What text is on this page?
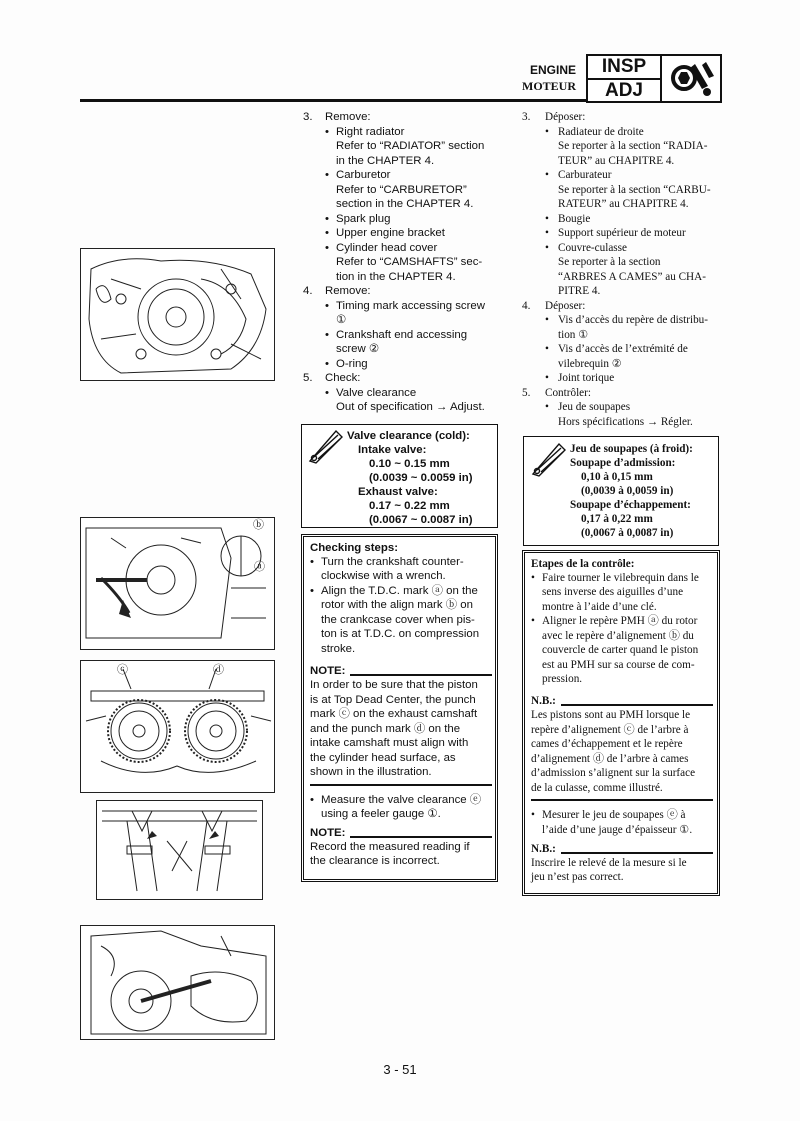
ENGINE
MOTEUR
INSP
ADJ
ⓑ
ⓐ
ⓒ	ⓓ
3. Remove:
• Right radiator
Refer to “RADIATOR” section
in the CHAPTER 4.
• Carburetor
Refer to “CARBURETOR”
section in the CHAPTER 4.
• Spark plug
• Upper engine bracket
• Cylinder head cover
Refer to “CAMSHAFTS” sec-
tion in the CHAPTER 4.
4. Remove:
• Timing mark accessing screw
①
• Crankshaft end accessing
screw ②
• O-ring
5. Check:
• Valve clearance
Out of specification → Adjust.
Valve clearance (cold):
Intake valve:
0.10 ~ 0.15 mm
(0.0039 ~ 0.0059 in)
Exhaust valve:
0.17 ~ 0.22 mm
(0.0067 ~ 0.0087 in)
Checking steps:
• Turn the crankshaft counter-
clockwise with a wrench.
• Align the T.D.C. mark ⓐ on the
rotor with the align mark ⓑ on
the crankcase cover when pis-
ton is at T.D.C. on compression
stroke.
NOTE:
In order to be sure that the piston
is at Top Dead Center, the punch
mark ⓒ on the exhaust camshaft
and the punch mark ⓓ on the
intake camshaft must align with
the cylinder head surface, as
shown in the illustration.
• Measure the valve clearance ⓔ
using a feeler gauge ①.
NOTE:
Record the measured reading if
the clearance is incorrect.
3. Déposer:
• Radiateur de droite
Se reporter à la section “RADIA-
TEUR” au CHAPITRE 4.
• Carburateur
Se reporter à la section “CARBU-
RATEUR” au CHAPITRE 4.
• Bougie
• Support supérieur de moteur
• Couvre-culasse
Se reporter à la section
“ARBRES A CAMES” au CHA-
PITRE 4.
4. Déposer:
• Vis d’accès du repère de distribu-
tion ①
• Vis d’accès de l’extrémité de
vilebrequin ②
• Joint torique
5. Contrôler:
• Jeu de soupapes
Hors spécifications → Régler.
Jeu de soupapes (à froid):
Soupape d’admission:
0,10 à 0,15 mm
(0,0039 à 0,0059 in)
Soupape d’échappement:
0,17 à 0,22 mm
(0,0067 à 0,0087 in)
Etapes de la contrôle:
• Faire tourner le vilebrequin dans le
sens inverse des aiguilles d’une
montre à l’aide d’une clé.
• Aligner le repère PMH ⓐ du rotor
avec le repère d’alignement ⓑ du
couvercle de carter quand le piston
est au PMH sur sa course de com-
pression.
N.B.:
Les pistons sont au PMH lorsque le
repère d’alignement ⓒ de l’arbre à
cames d’échappement et le repère
d’alignement ⓓ de l’arbre à cames
d’admission s’alignent sur la surface
de la culasse, comme illustré.
• Mesurer le jeu de soupapes ⓔ à
l’aide d’une jauge d’épaisseur ①.
N.B.:
Inscrire le relevé de la mesure si le
jeu n’est pas correct.
3 - 51
